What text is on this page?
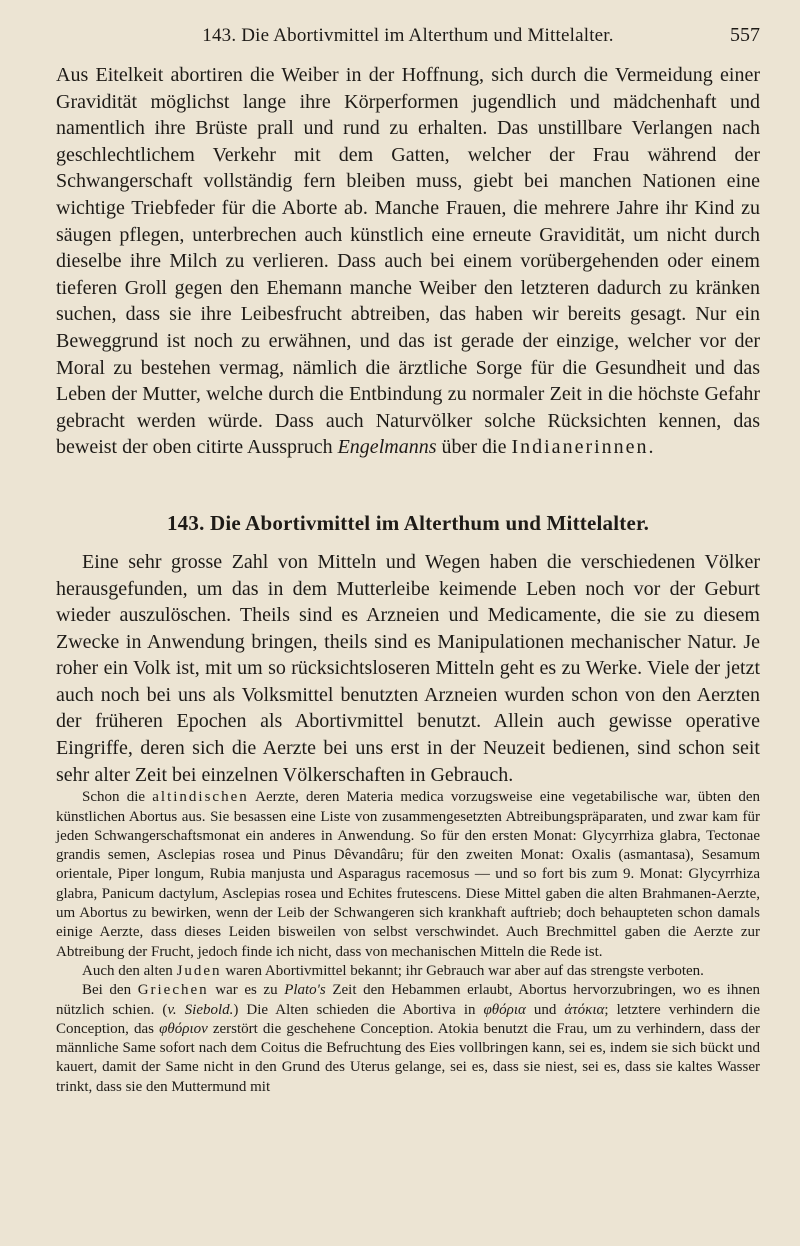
143. Die Abortivmittel im Alterthum und Mittelalter.	557

Aus Eitelkeit abortiren die Weiber in der Hoffnung, sich durch die Vermeidung einer Gravidität möglichst lange ihre Körperformen jugendlich und mädchenhaft und namentlich ihre Brüste prall und rund zu erhalten. Das unstillbare Verlangen nach geschlechtlichem Verkehr mit dem Gatten, welcher der Frau während der Schwangerschaft vollständig fern bleiben muss, giebt bei manchen Nationen eine wichtige Triebfeder für die Aborte ab. Manche Frauen, die mehrere Jahre ihr Kind zu säugen pflegen, unterbrechen auch künstlich eine erneute Gravidität, um nicht durch dieselbe ihre Milch zu verlieren. Dass auch bei einem vorübergehenden oder einem tieferen Groll gegen den Ehemann manche Weiber den letzteren dadurch zu kränken suchen, dass sie ihre Leibesfrucht abtreiben, das haben wir bereits gesagt. Nur ein Beweggrund ist noch zu erwähnen, und das ist gerade der einzige, welcher vor der Moral zu bestehen vermag, nämlich die ärztliche Sorge für die Gesundheit und das Leben der Mutter, welche durch die Entbindung zu normaler Zeit in die höchste Gefahr gebracht werden würde. Dass auch Naturvölker solche Rücksichten kennen, das beweist der oben citirte Ausspruch Engelmanns über die Indianerinnen.

143. Die Abortivmittel im Alterthum und Mittelalter.

Eine sehr grosse Zahl von Mitteln und Wegen haben die verschiedenen Völker herausgefunden, um das in dem Mutterleibe keimende Leben noch vor der Geburt wieder auszulöschen. Theils sind es Arzneien und Medicamente, die sie zu diesem Zwecke in Anwendung bringen, theils sind es Manipulationen mechanischer Natur. Je roher ein Volk ist, mit um so rücksichtsloseren Mitteln geht es zu Werke. Viele der jetzt auch noch bei uns als Volksmittel benutzten Arzneien wurden schon von den Aerzten der früheren Epochen als Abortivmittel benutzt. Allein auch gewisse operative Eingriffe, deren sich die Aerzte bei uns erst in der Neuzeit bedienen, sind schon seit sehr alter Zeit bei einzelnen Völkerschaften in Gebrauch.

Schon die altindischen Aerzte, deren Materia medica vorzugsweise eine vegetabilische war, übten den künstlichen Abortus aus. Sie besassen eine Liste von zusammengesetzten Abtreibungspräparaten, und zwar kam für jeden Schwangerschaftsmonat ein anderes in Anwendung. So für den ersten Monat: Glycyrrhiza glabra, Tectonae grandis semen, Asclepias rosea und Pinus Dêvandâru; für den zweiten Monat: Oxalis (asmantasa), Sesamum orientale, Piper longum, Rubia manjusta und Asparagus racemosus — und so fort bis zum 9. Monat: Glycyrrhiza glabra, Panicum dactylum, Asclepias rosea und Echites frutescens. Diese Mittel gaben die alten Brahmanen-Aerzte, um Abortus zu bewirken, wenn der Leib der Schwangeren sich krankhaft auftrieb; doch behaupteten schon damals einige Aerzte, dass dieses Leiden bisweilen von selbst verschwindet. Auch Brechmittel gaben die Aerzte zur Abtreibung der Frucht, jedoch finde ich nicht, dass von mechanischen Mitteln die Rede ist.

Auch den alten Juden waren Abortivmittel bekannt; ihr Gebrauch war aber auf das strengste verboten.

Bei den Griechen war es zu Plato's Zeit den Hebammen erlaubt, Abortus hervorzubringen, wo es ihnen nützlich schien. (v. Siebold.) Die Alten schieden die Abortiva in φθόρια und ἀτόκια; letztere verhindern die Conception, das φθόριον zerstört die geschehene Conception. Atokia benutzt die Frau, um zu verhindern, dass der männliche Same sofort nach dem Coitus die Befruchtung des Eies vollbringen kann, sei es, indem sie sich bückt und kauert, damit der Same nicht in den Grund des Uterus gelange, sei es, dass sie niest, sei es, dass sie kaltes Wasser trinkt, dass sie den Muttermund mit
